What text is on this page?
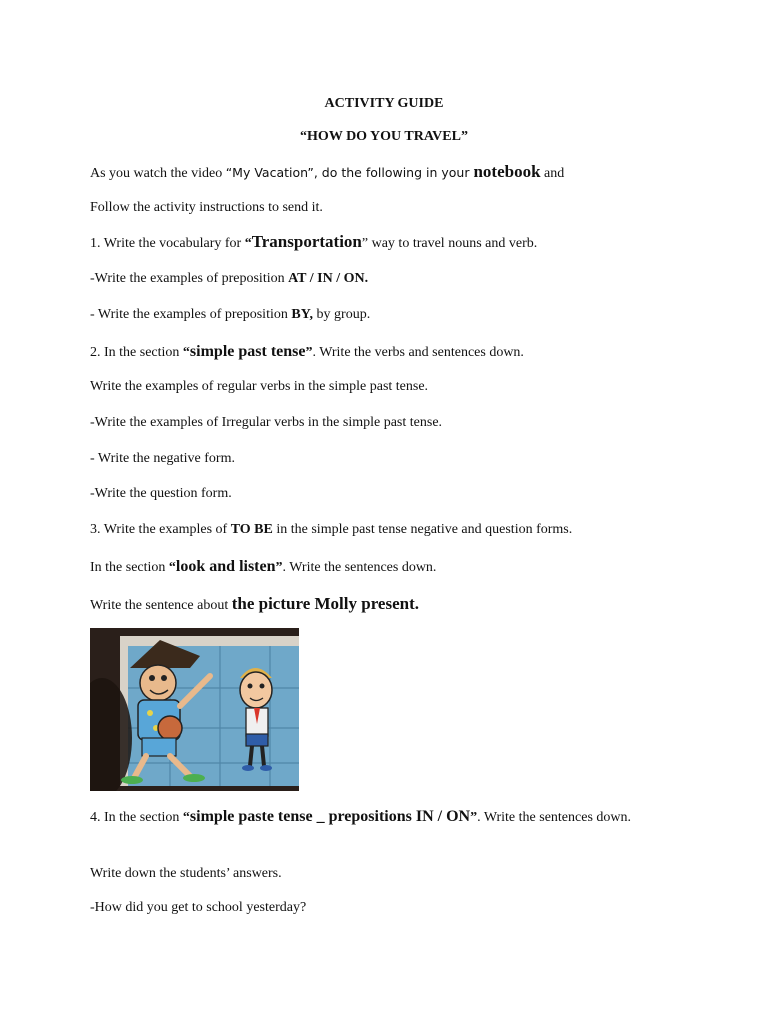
ACTIVITY GUIDE
“HOW DO YOU TRAVEL”
As you watch the video “My Vacation”, do the following in your notebook and
Follow the activity instructions to send it.
1. Write the vocabulary for “Transportation” way to travel nouns and verb.
-Write the examples of preposition AT / IN / ON.
- Write the examples of preposition BY, by group.
2. In the section “simple past tense”. Write the verbs and sentences down.
Write the examples of regular verbs in the simple past tense.
-Write the examples of Irregular verbs in the simple past tense.
- Write the negative form.
-Write the question form.
3. Write the examples of TO BE in the simple past tense negative and question forms.
In the section “look and listen”. Write the sentences down.
Write the sentence about the picture Molly present.
4. In the section “simple paste tense _ prepositions IN / ON”. Write the sentences down.
Write down the students’ answers.
-How did you get to school yesterday?
